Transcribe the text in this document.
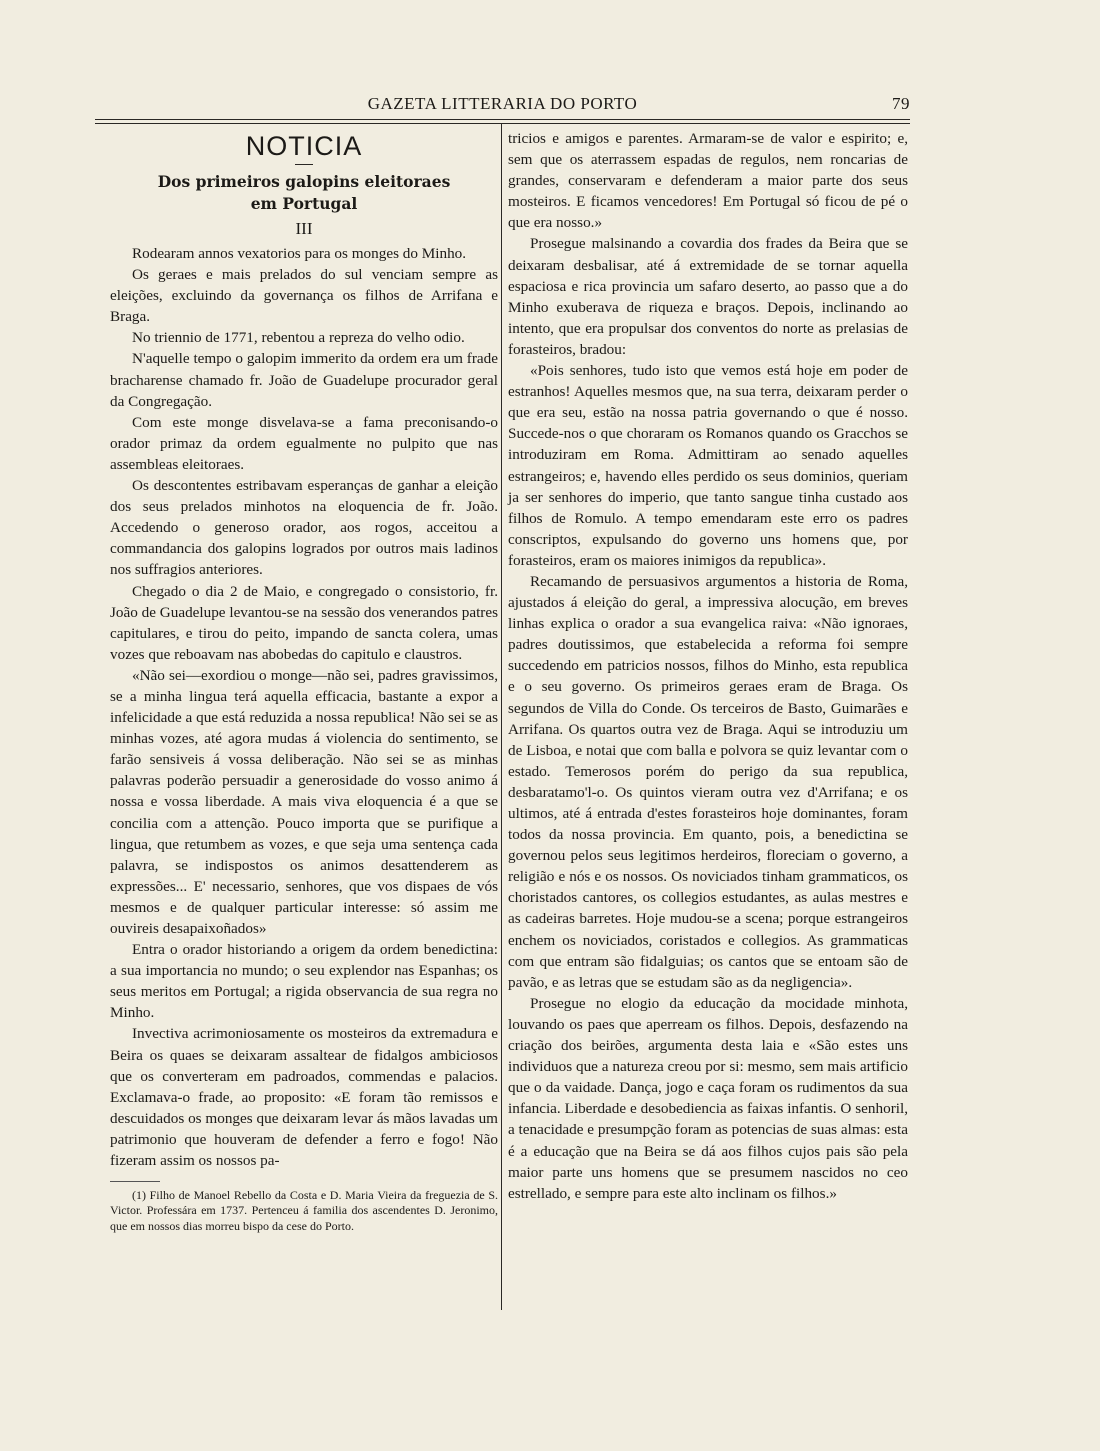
GAZETA LITTERARIA DO PORTO	79
NOTICIA
Dos primeiros galopins eleitoraes
em Portugal
III

Rodearam annos vexatorios para os monges do Minho.

Os geraes e mais prelados do sul venciam sempre as eleições, excluindo da governança os filhos de Arrifana e Braga.

No triennio de 1771, rebentou a repreza do velho odio.

N'aquelle tempo o galopim immerito da ordem era um frade bracharense chamado fr. João de Guadelupe procurador geral da Congregação.

Com este monge disvelava-se a fama preconisando-o orador primaz da ordem egualmente no pulpito que nas assembleas eleitoraes.

Os descontentes estribavam esperanças de ganhar a eleição dos seus prelados minhotos na eloquencia de fr. João. Accedendo o generoso orador, aos rogos, acceitou a commandancia dos galopins logrados por outros mais ladinos nos suffragios anteriores.

Chegado o dia 2 de Maio, e congregado o consistorio, fr. João de Guadelupe levantou-se na sessão dos venerandos patres capitulares, e tirou do peito, impando de sancta colera, umas vozes que reboavam nas abobedas do capitulo e claustros.

«Não sei—exordiou o monge—não sei, padres gravissimos, se a minha lingua terá aquella efficacia, bastante a expor a infelicidade a que está reduzida a nossa republica! Não sei se as minhas vozes, até agora mudas á violencia do sentimento, se farão sensiveis á vossa deliberação. Não sei se as minhas palavras poderão persuadir a generosidade do vosso animo á nossa e vossa liberdade. A mais viva eloquencia é a que se concilia com a attenção. Pouco importa que se purifique a lingua, que retumbem as vozes, e que seja uma sentença cada palavra, se indispostos os animos desattenderem as expressões... E' necessario, senhores, que vos dispaes de vós mesmos e de qualquer particular interesse: só assim me ouvireis desapaixoñados»

Entra o orador historiando a origem da ordem benedictina: a sua importancia no mundo; o seu explendor nas Espanhas; os seus meritos em Portugal; a rigida observancia de sua regra no Minho.

Invectiva acrimoniosamente os mosteiros da extremadura e Beira os quaes se deixaram assaltear de fidalgos ambiciosos que os converteram em padroados, commendas e palacios. Exclamava-o frade, ao proposito: «E foram tão remissos e descuidados os monges que deixaram levar ás mãos lavadas um patrimonio que houveram de defender a ferro e fogo! Não fizeram assim os nossos pa-

(1) Filho de Manoel Rebello da Costa e D. Maria Vieira da freguezia de S. Victor. Professára em 1737. Pertenceu á familia dos ascendentes D. Jeronimo, que em nossos dias morreu bispo da cese do Porto.

tricios e amigos e parentes. Armaram-se de valor e espirito; e, sem que os aterrassem espadas de regulos, nem roncarias de grandes, conservaram e defenderam a maior parte dos seus mosteiros. E ficamos vencedores! Em Portugal só ficou de pé o que era nosso.»

Prosegue malsinando a covardia dos frades da Beira que se deixaram desbalisar, até á extremidade de se tornar aquella espaciosa e rica provincia um safaro deserto, ao passo que a do Minho exuberava de riqueza e braços. Depois, inclinando ao intento, que era propulsar dos conventos do norte as prelasias de forasteiros, bradou:

«Pois senhores, tudo isto que vemos está hoje em poder de estranhos! Aquelles mesmos que, na sua terra, deixaram perder o que era seu, estão na nossa patria governando o que é nosso. Succede-nos o que choraram os Romanos quando os Gracchos se introduziram em Roma. Admittiram ao senado aquelles estrangeiros; e, havendo elles perdido os seus dominios, queriam ja ser senhores do imperio, que tanto sangue tinha custado aos filhos de Romulo. A tempo emendaram este erro os padres conscriptos, expulsando do governo uns homens que, por forasteiros, eram os maiores inimigos da republica».

Recamando de persuasivos argumentos a historia de Roma, ajustados á eleição do geral, a impressiva alocução, em breves linhas explica o orador a sua evangelica raiva: «Não ignoraes, padres doutissimos, que estabelecida a reforma foi sempre succedendo em patricios nossos, filhos do Minho, esta republica e o seu governo. Os primeiros geraes eram de Braga. Os segundos de Villa do Conde. Os terceiros de Basto, Guimarães e Arrifana. Os quartos outra vez de Braga. Aqui se introduziu um de Lisboa, e notai que com balla e polvora se quiz levantar com o estado. Temerosos porém do perigo da sua republica, desbaratamo'l-o. Os quintos vieram outra vez d'Arrifana; e os ultimos, até á entrada d'estes forasteiros hoje dominantes, foram todos da nossa provincia. Em quanto, pois, a benedictina se governou pelos seus legitimos herdeiros, floreciam o governo, a religião e nós e os nossos. Os noviciados tinham grammaticos, os choristados cantores, os collegios estudantes, as aulas mestres e as cadeiras barretes. Hoje mudou-se a scena; porque estrangeiros enchem os noviciados, coristados e collegios. As grammaticas com que entram são fidalguias; os cantos que se entoam são de pavão, e as letras que se estudam são as da negligencia».

Prosegue no elogio da educação da mocidade minhota, louvando os paes que aperream os filhos. Depois, desfazendo na criação dos beirões, argumenta desta laia e «São estes uns individuos que a natureza creou por si: mesmo, sem mais artificio que o da vaidade. Dança, jogo e caça foram os rudimentos da sua infancia. Liberdade e desobediencia as faixas infantis. O senhoril, a tenacidade e presumpção foram as potencias de suas almas: esta é a educação que na Beira se dá aos filhos cujos pais são pela maior parte uns homens que se presumem nascidos no ceo estrellado, e sempre para este alto inclinam os filhos.»
